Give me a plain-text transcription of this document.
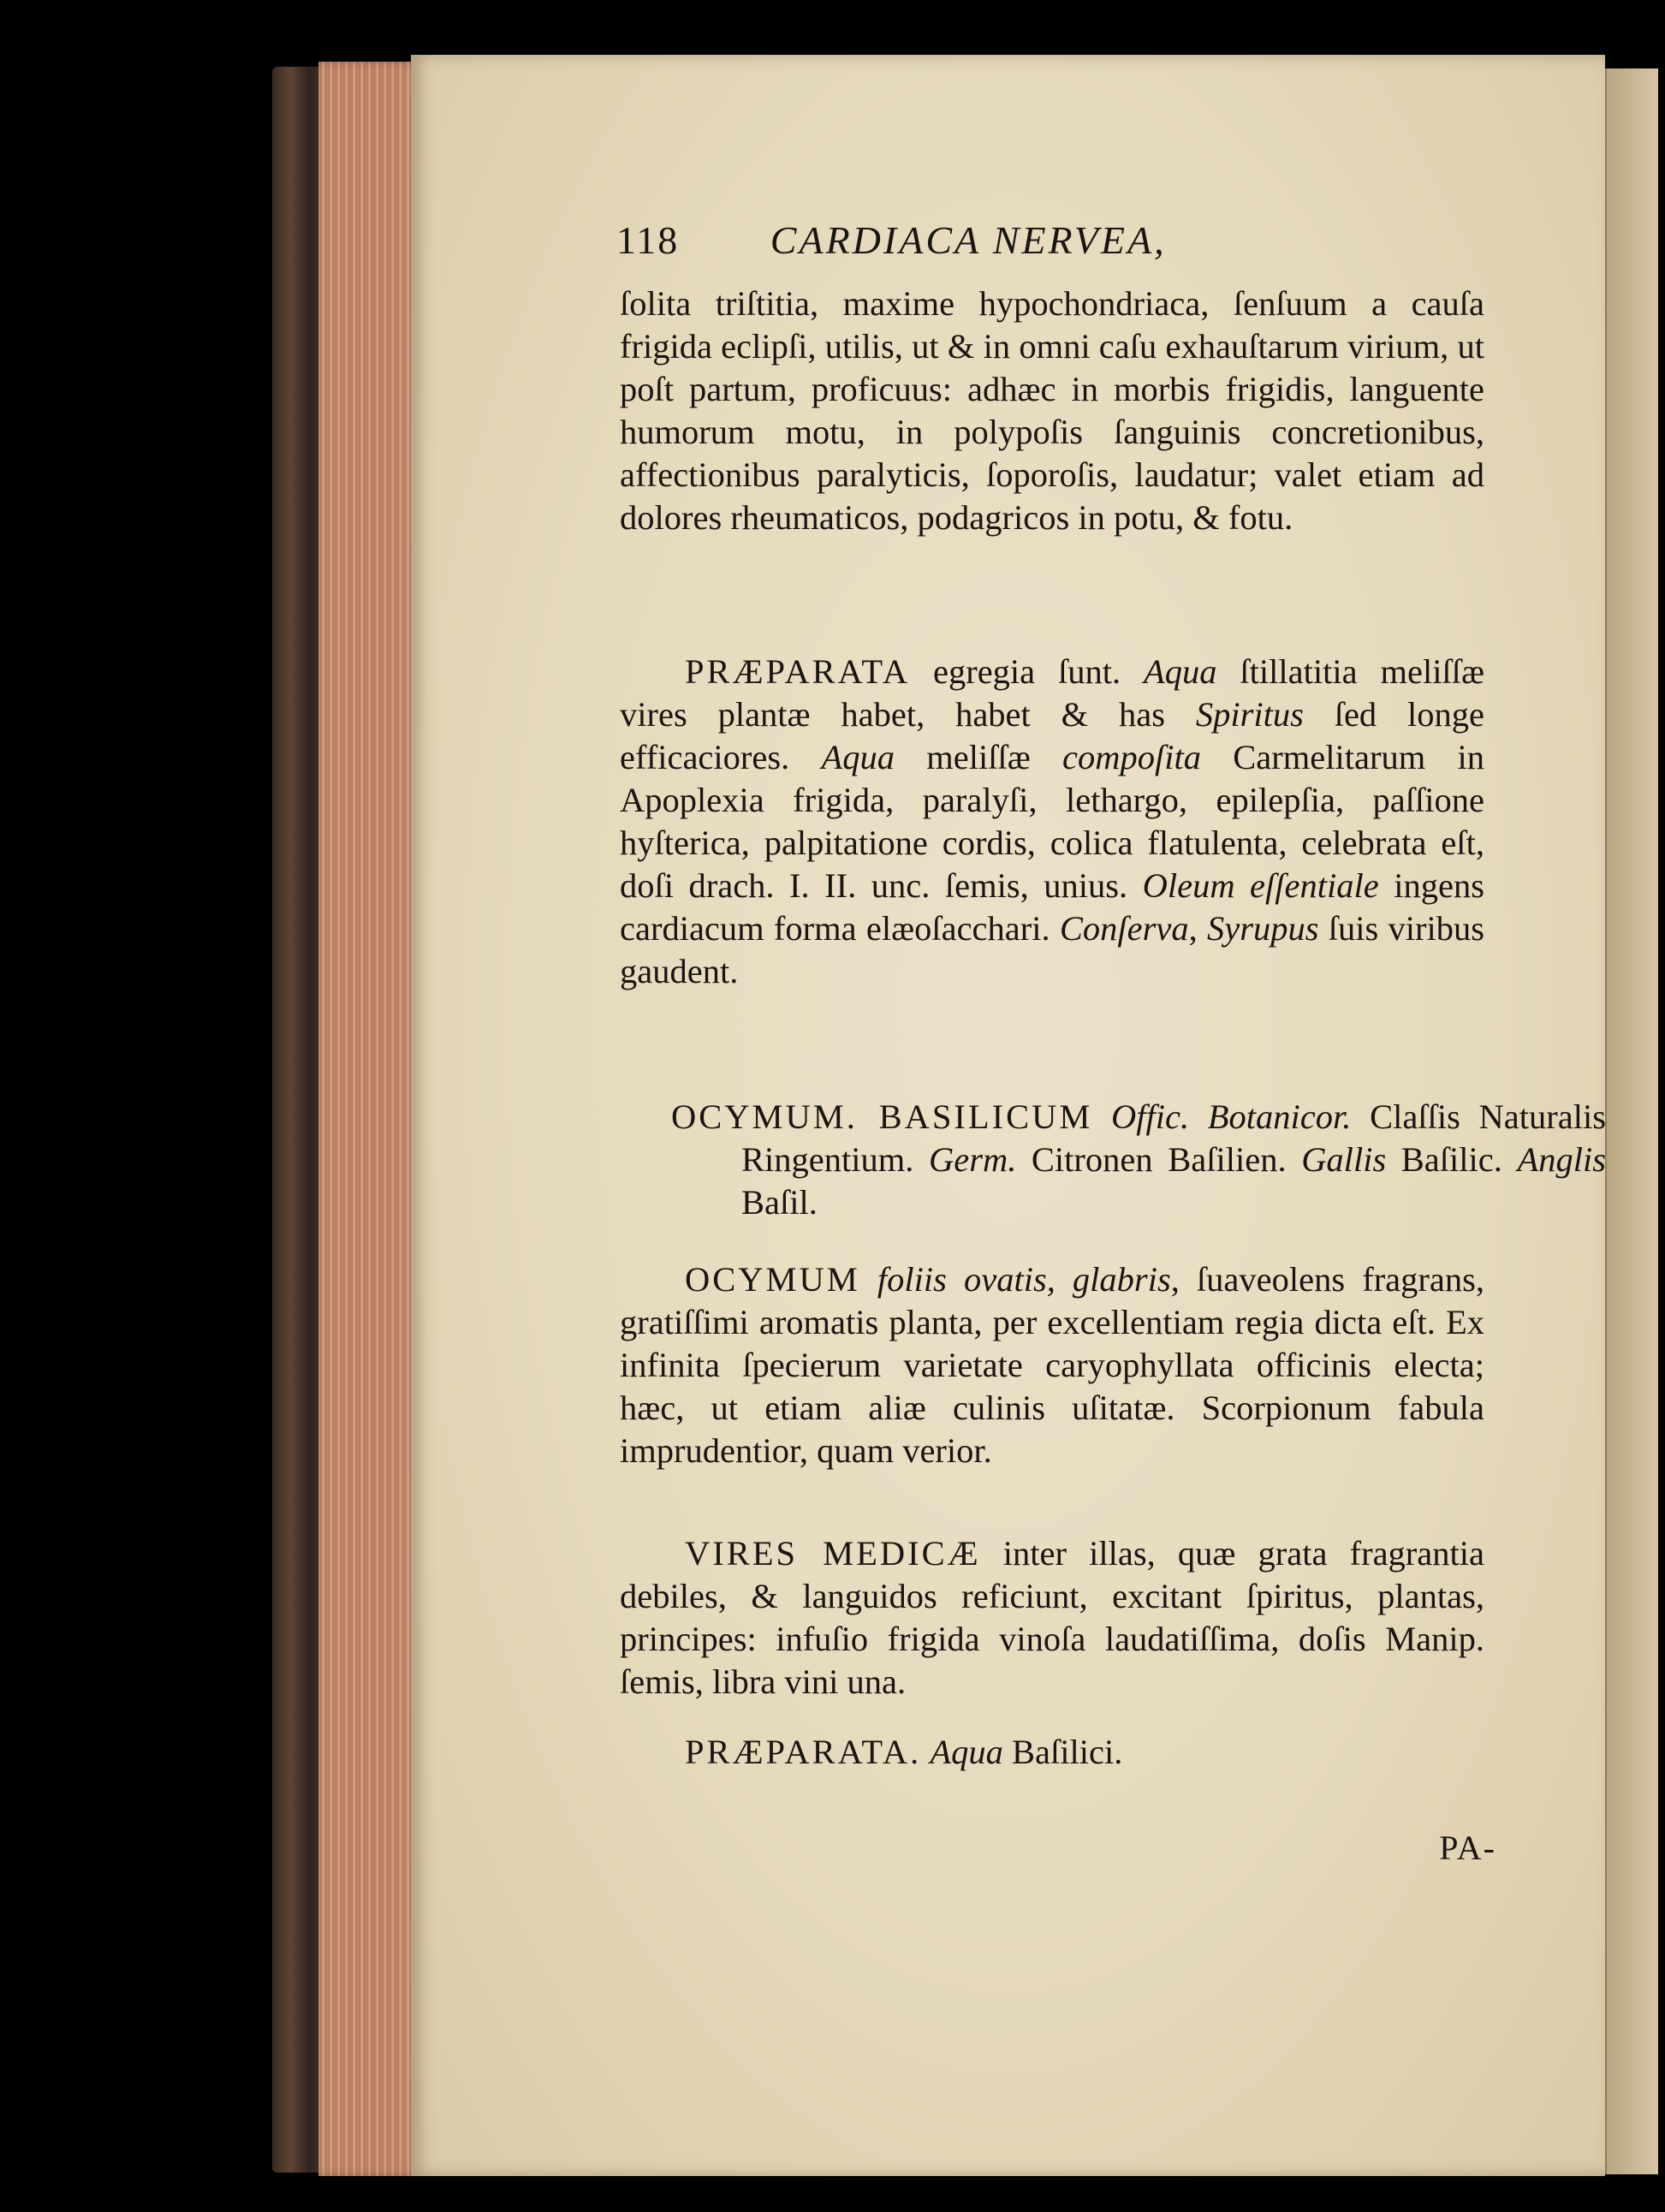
118 CARDIACA NERVEA,
ſolita triſtitia, maxime hypochondriaca, ſenſuum a cauſa frigida eclipſi, utilis, ut & in omni caſu exhauſtarum virium, ut poſt partum, proficuus: adhæc in morbis frigidis, languente humorum motu, in polypoſis ſanguinis concretionibus, affectionibus paralyticis, ſoporoſis, laudatur; valet etiam ad dolores rheumaticos, podagricos in potu, & fotu.
PRÆPARATA egregia ſunt. Aqua ſtillatitia meliſſæ vires plantæ habet, habet & has Spiritus ſed longe efficaciores. Aqua meliſſæ compoſita Carmelitarum in Apoplexia frigida, paralyſi, lethargo, epilepſia, paſſione hyſterica, palpitatione cordis, colica flatulenta, celebrata eſt, doſi drach. I. II. unc. ſemis, unius. Oleum eſſentiale ingens cardiacum forma elæoſacchari. Conſerva, Syrupus ſuis viribus gaudent.
OCYMUM. BASILICUM Offic. Botanicor. Claſſis Naturalis Ringentium. Germ. Citronen Baſilien. Gallis Baſilic. Anglis Baſil.
OCYMUM foliis ovatis, glabris, ſuaveolens fragrans, gratiſſimi aromatis planta, per excellentiam regia dicta eſt. Ex infinita ſpecierum varietate caryophyllata officinis electa; hæc, ut etiam aliæ culinis uſitatæ. Scorpionum fabula imprudentior, quam verior.
VIRES MEDICÆ inter illas, quæ grata fragrantia debiles, & languidos reficiunt, excitant ſpiritus, plantas, principes: infuſio frigida vinoſa laudatiſſima, doſis Manip. ſemis, libra vini una.
PRÆPARATA. Aqua Baſilici.
PA-
